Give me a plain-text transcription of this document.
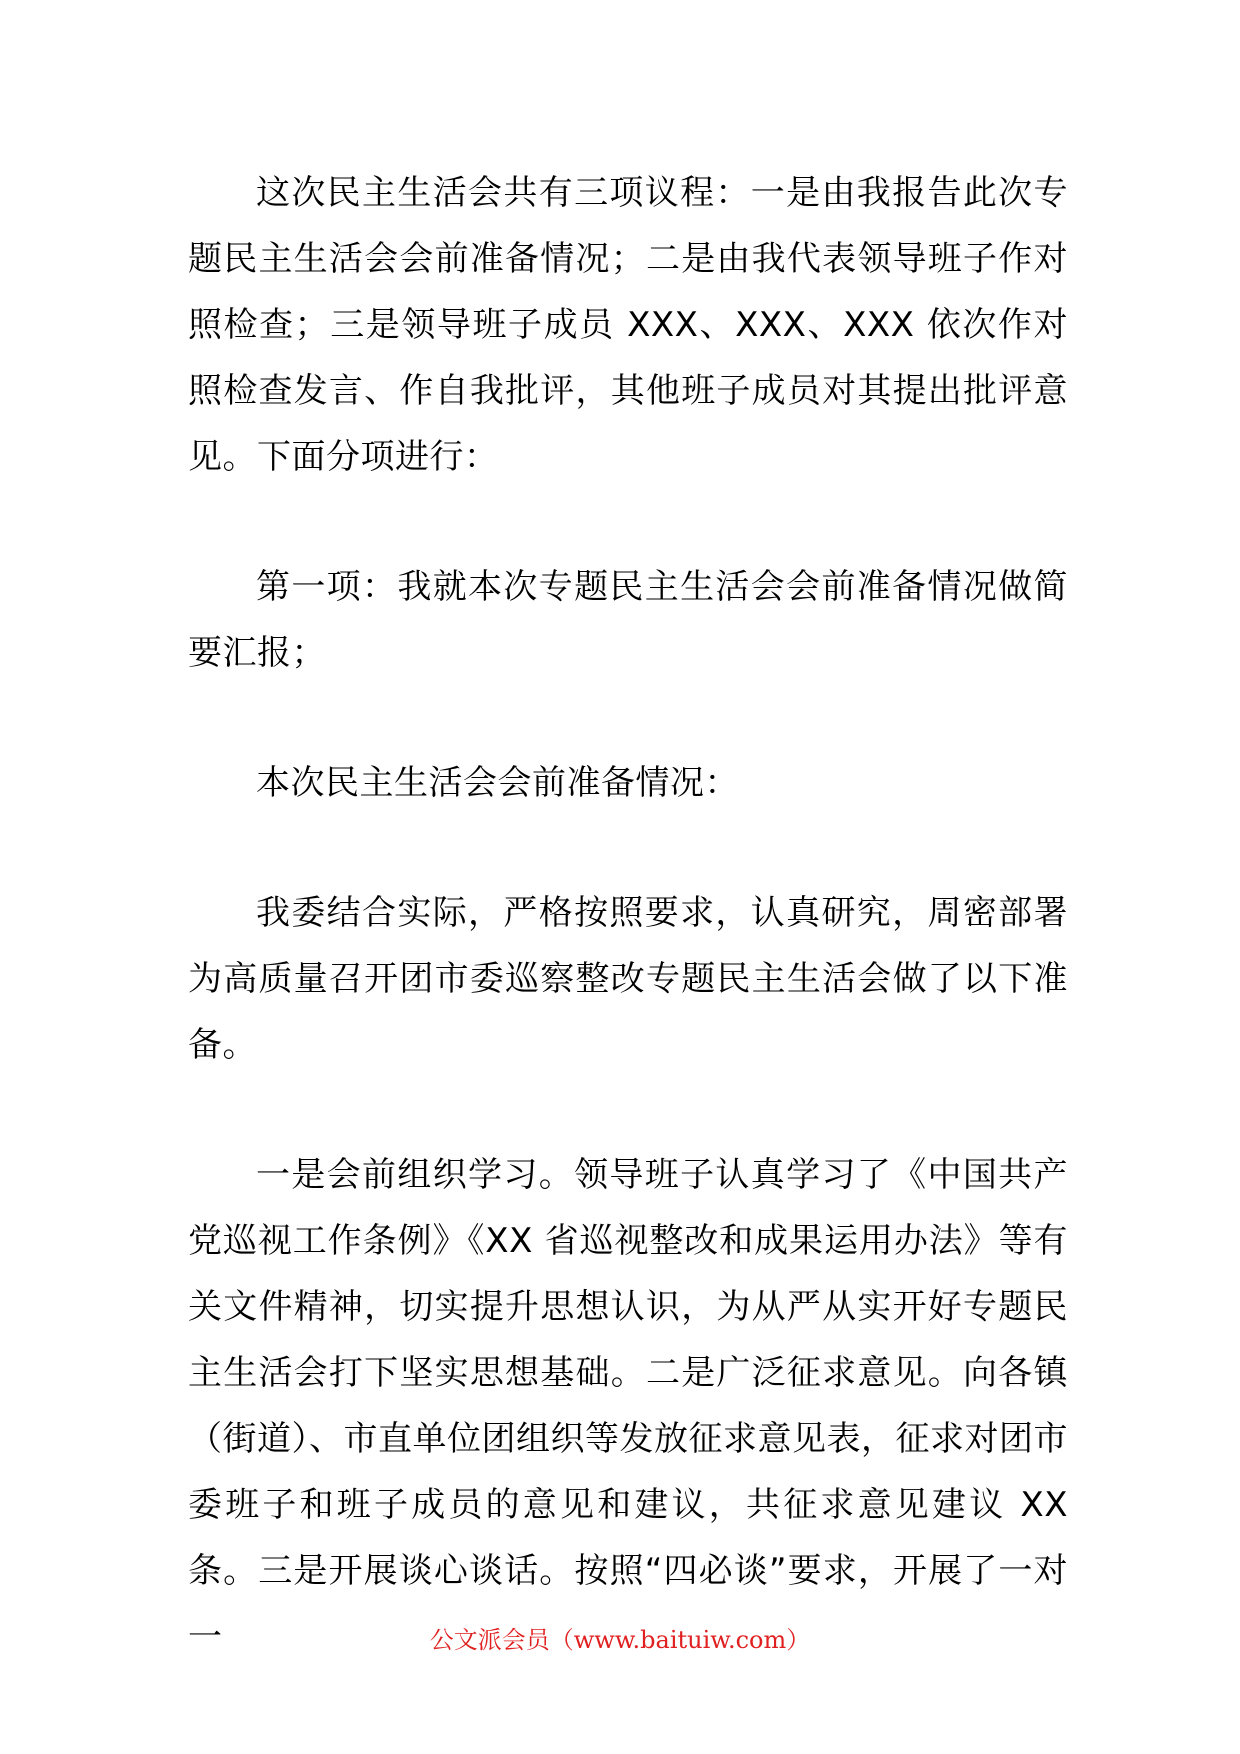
这次民主生活会共有三项议程：一是由我报告此次专题民主生活会会前准备情况；二是由我代表领导班子作对照检查；三是领导班子成员 XXX、XXX、XXX 依次作对照检查发言、作自我批评，其他班子成员对其提出批评意见。下面分项进行：

第一项：我就本次专题民主生活会会前准备情况做简要汇报；

本次民主生活会会前准备情况：

我委结合实际，严格按照要求，认真研究，周密部署为高质量召开团市委巡察整改专题民主生活会做了以下准备。

一是会前组织学习。领导班子认真学习了《中国共产党巡视工作条例》《XX 省巡视整改和成果运用办法》等有关文件精神，切实提升思想认识，为从严从实开好专题民主生活会打下坚实思想基础。二是广泛征求意见。向各镇（街道）、市直单位团组织等发放征求意见表，征求对团市委班子和班子成员的意见和建议，共征求意见建议 XX 条。三是开展谈心谈话。按照“四必谈”要求，开展了一对一	公文派会员（www.baituiw.com）
